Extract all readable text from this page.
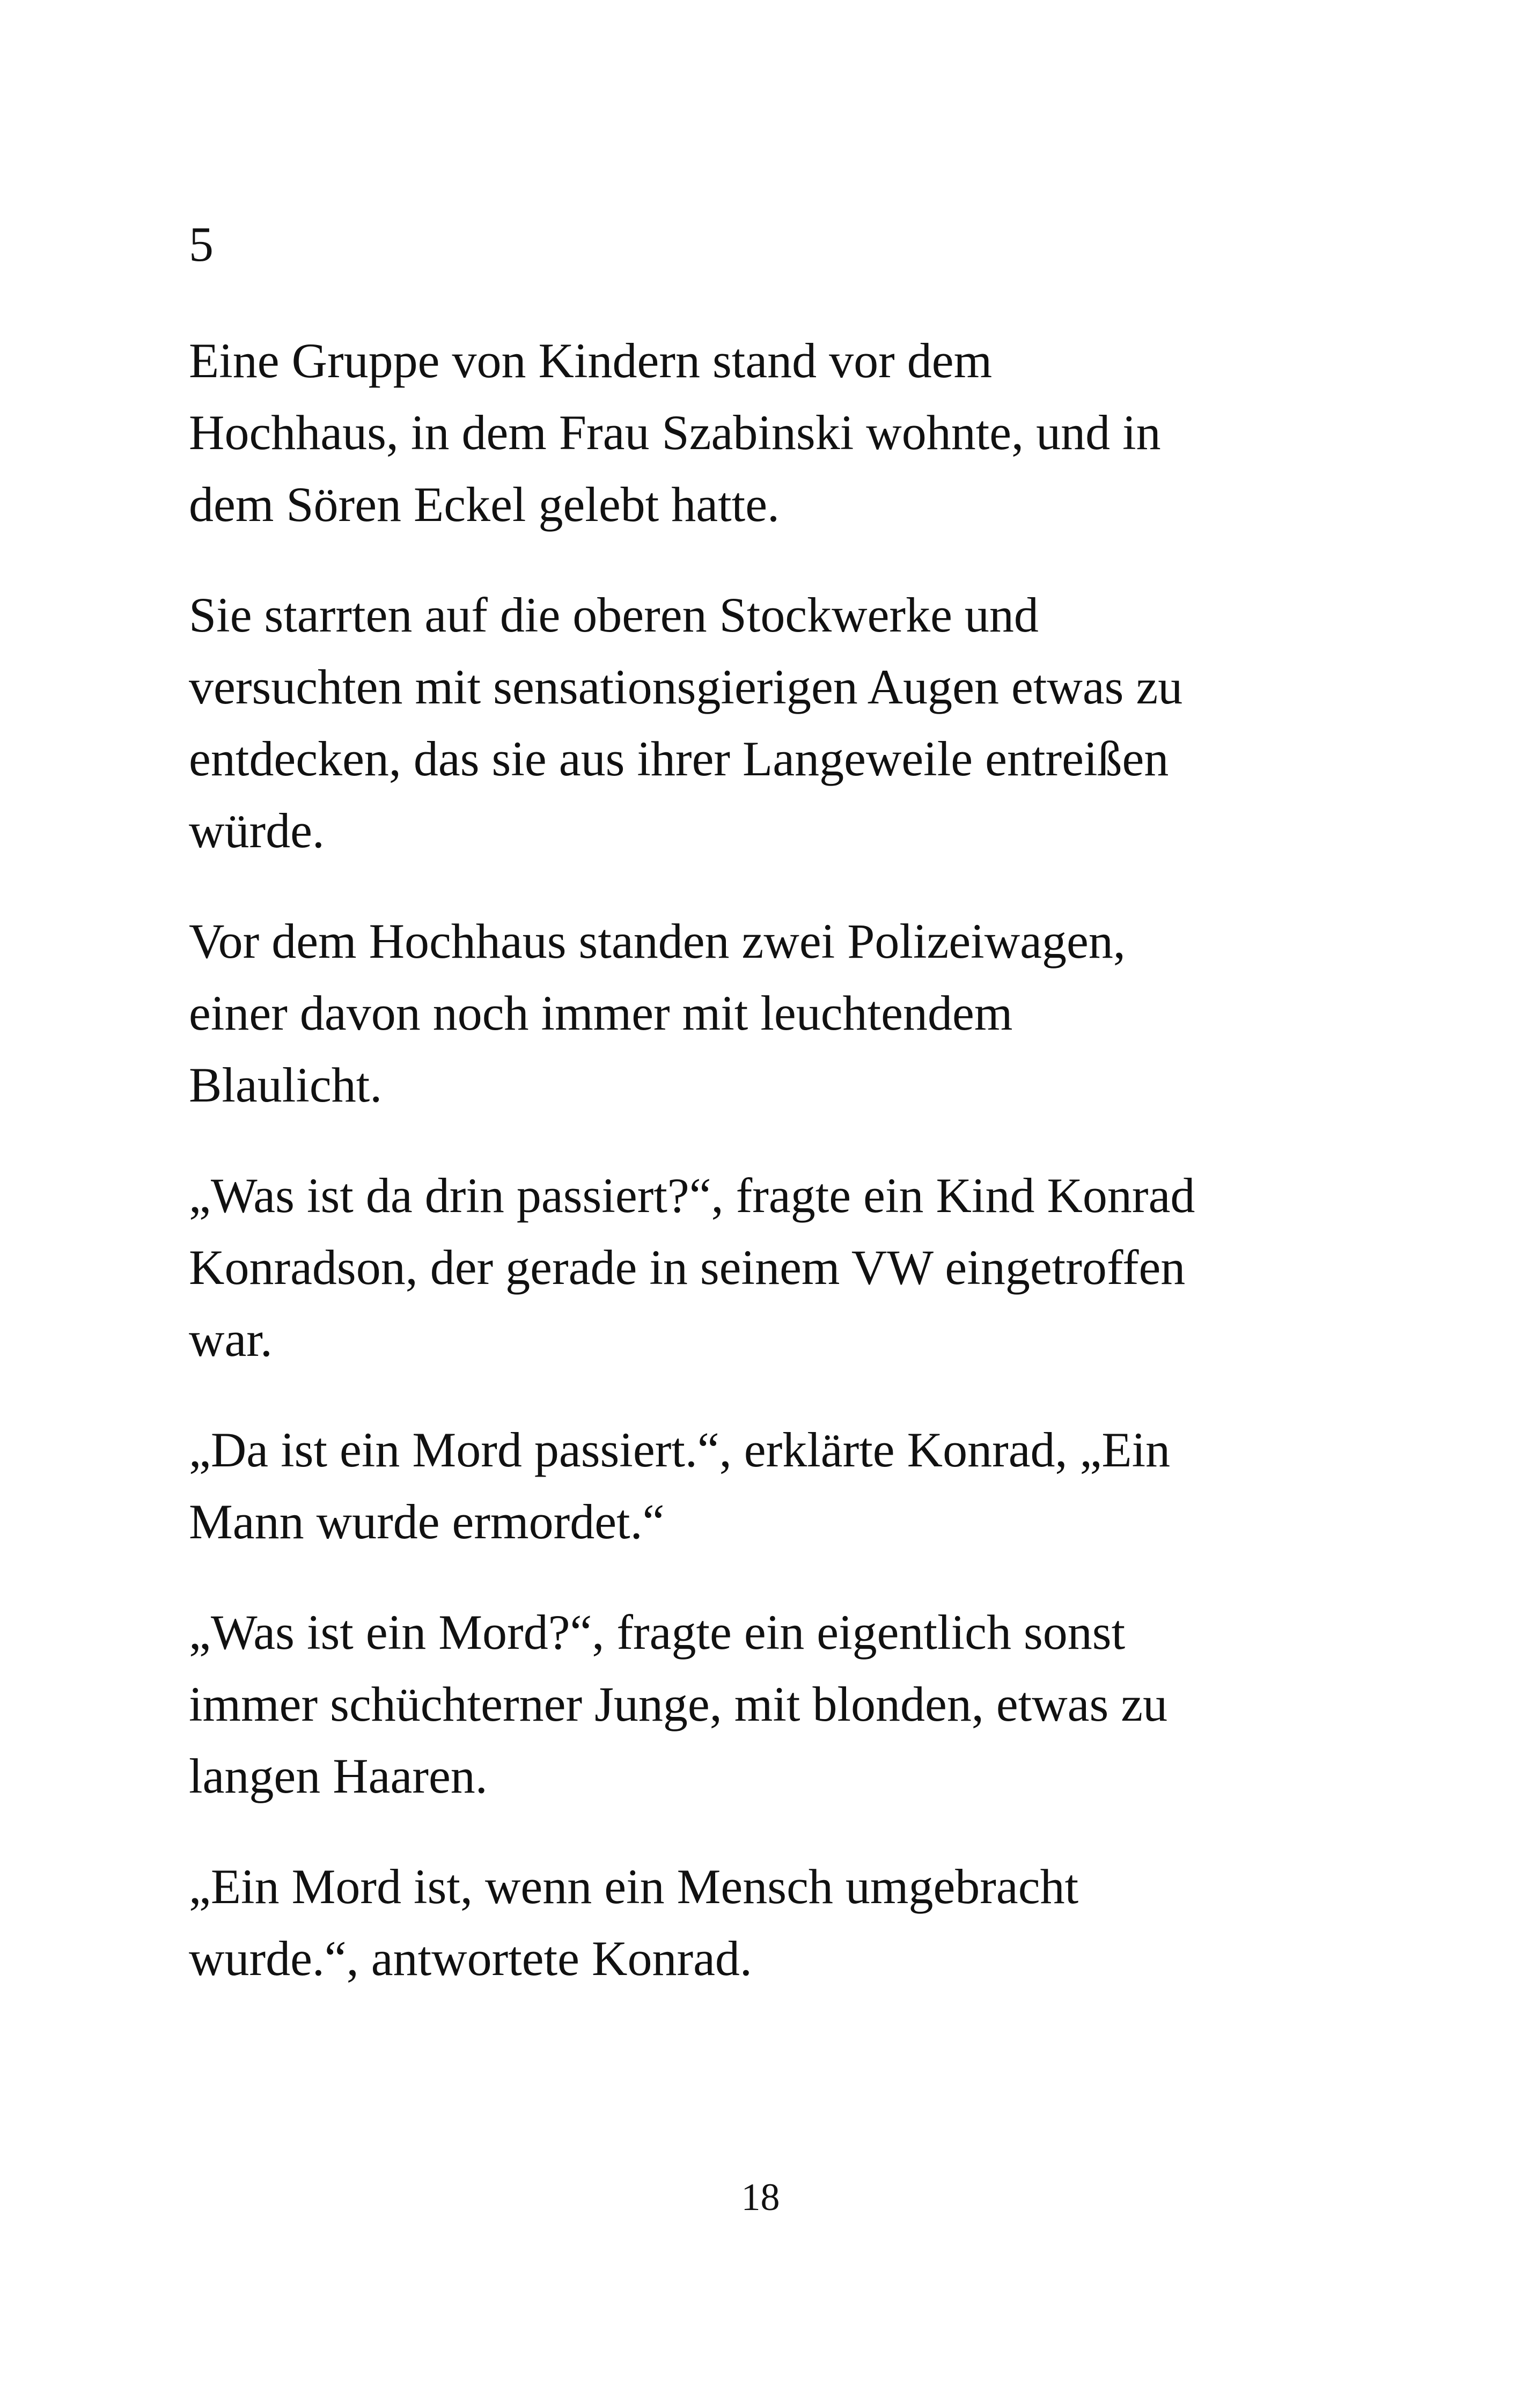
5

Eine Gruppe von Kindern stand vor dem
Hochhaus, in dem Frau Szabinski wohnte, und in
dem Sören Eckel gelebt hatte.

Sie starrten auf die oberen Stockwerke und
versuchten mit sensationsgierigen Augen etwas zu
entdecken, das sie aus ihrer Langeweile entreißen
würde.

Vor dem Hochhaus standen zwei Polizeiwagen,
einer davon noch immer mit leuchtendem
Blaulicht.

„Was ist da drin passiert?“, fragte ein Kind Konrad
Konradson, der gerade in seinem VW eingetroffen
war.

„Da ist ein Mord passiert.“, erklärte Konrad, „Ein
Mann wurde ermordet.“

„Was ist ein Mord?“, fragte ein eigentlich sonst
immer schüchterner Junge, mit blonden, etwas zu
langen Haaren.

„Ein Mord ist, wenn ein Mensch umgebracht
wurde.“, antwortete Konrad.

18
